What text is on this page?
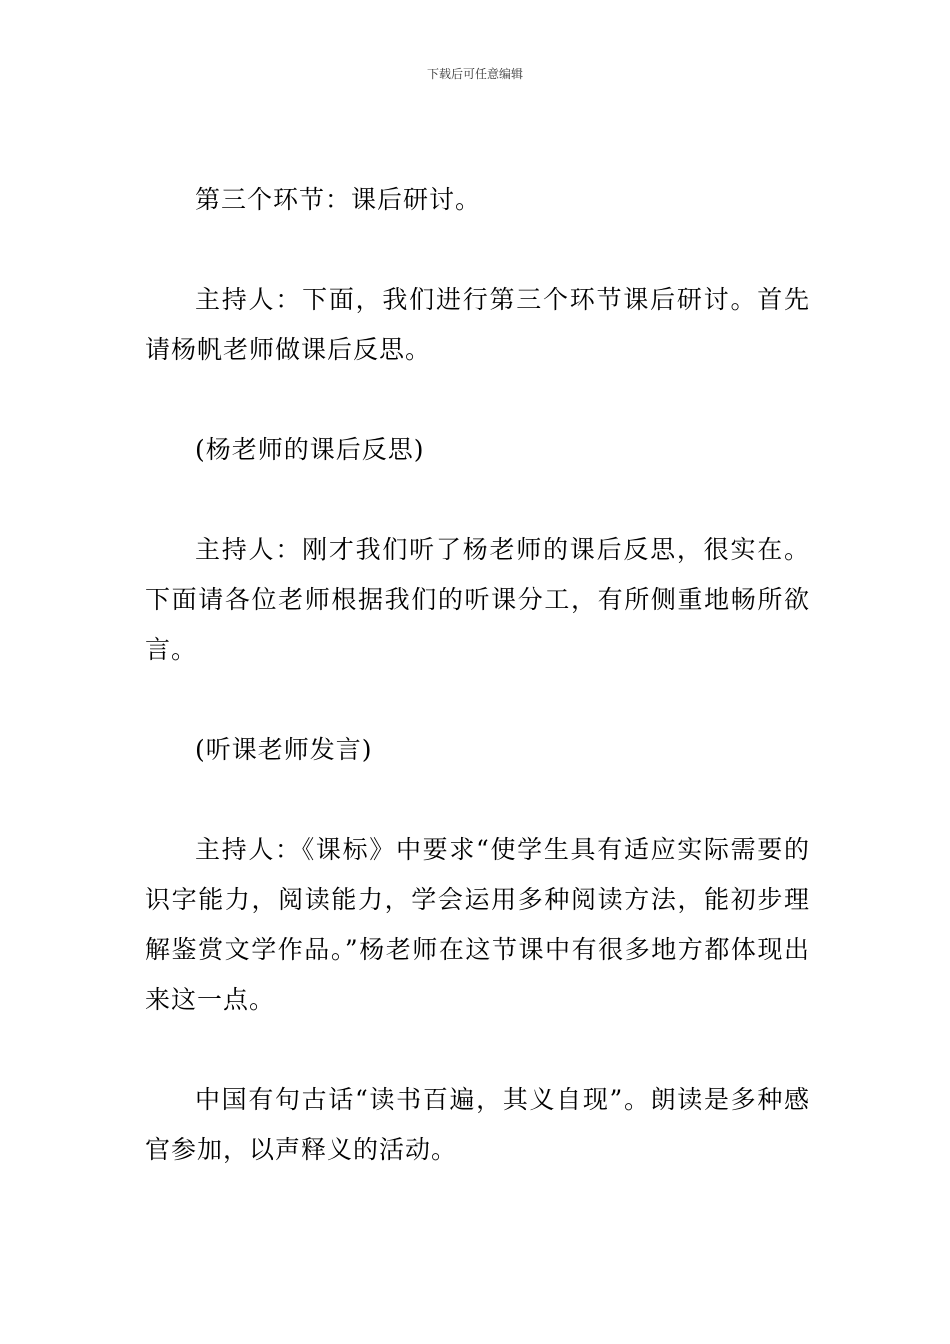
下载后可任意编辑

第三个环节：课后研讨。

主持人：下面，我们进行第三个环节课后研讨。首先请杨帆老师做课后反思。

(杨老师的课后反思)

主持人：刚才我们听了杨老师的课后反思，很实在。下面请各位老师根据我们的听课分工，有所侧重地畅所欲言。

(听课老师发言)

主持人：《课标》中要求“使学生具有适应实际需要的识字能力，阅读能力，学会运用多种阅读方法，能初步理解鉴赏文学作品。”杨老师在这节课中有很多地方都体现出来这一点。

中国有句古话“读书百遍，其义自现”。朗读是多种感官参加，以声释义的活动。
